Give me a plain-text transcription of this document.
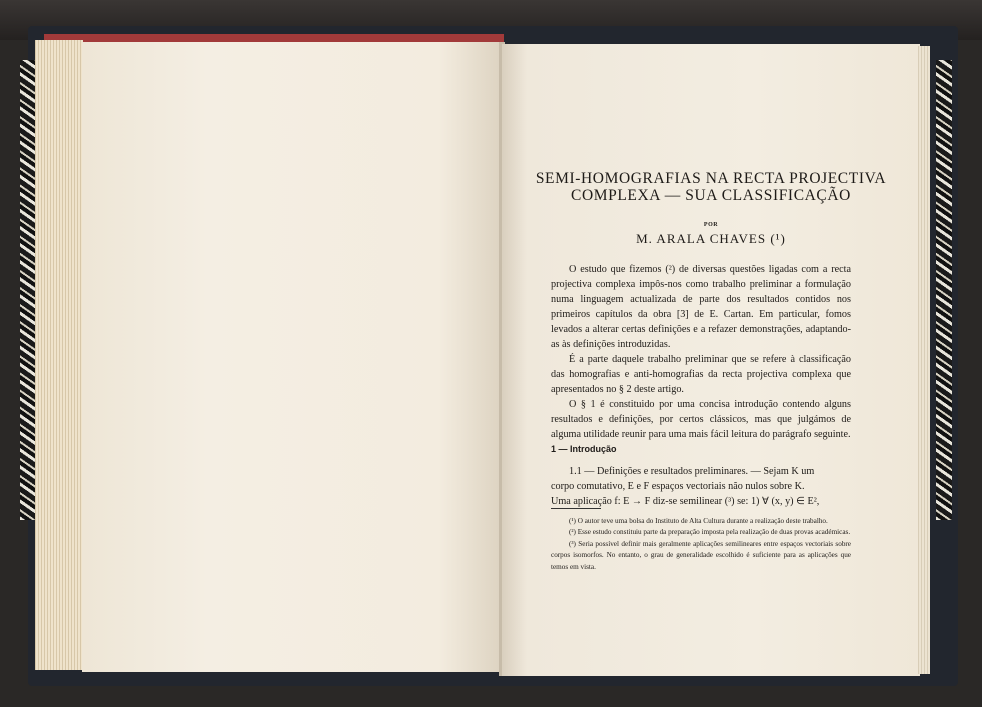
SEMI-HOMOGRAFIAS NA RECTA PROJECTIVA
COMPLEXA — SUA CLASSIFICAÇÃO
POR
M. ARALA CHAVES (¹)

O estudo que fizemos (²) de diversas questões ligadas com a recta projectiva complexa impôs-nos como trabalho preliminar a formulação numa linguagem actualizada de parte dos resultados contidos nos primeiros capítulos da obra [3] de E. Cartan. Em particular, fomos levados a alterar certas definições e a refazer demonstrações, adaptando-as às definições introduzidas.

É a parte daquele trabalho preliminar que se refere à classificação das homografias e anti-homografias da recta projectiva complexa que apresentados no § 2 deste artigo.

O § 1 é constituido por uma concisa introdução contendo alguns resultados e definições, por certos clássicos, mas que julgámos de alguma utilidade reunir para uma mais fácil leitura do parágrafo seguinte.

1 — Introdução
1.1 — Definições e resultados preliminares. — Sejam K um
corpo comutativo, E e F espaços vectoriais não nulos sobre K.
Uma aplicação f: E → F diz-se semilinear (³) se: 1) ∀ (x, y) ∈ E²,

(¹) O autor teve uma bolsa do Instituto de Alta Cultura durante a realização deste trabalho.

(²) Esse estudo constituiu parte da preparação imposta pela realização de duas provas académicas.

(³) Seria possível definir mais geralmente aplicações semilineares entre espaços vectoriais sobre corpos isomorfos. No entanto, o grau de generalidade escolhido é suficiente para as aplicações que temos em vista.
